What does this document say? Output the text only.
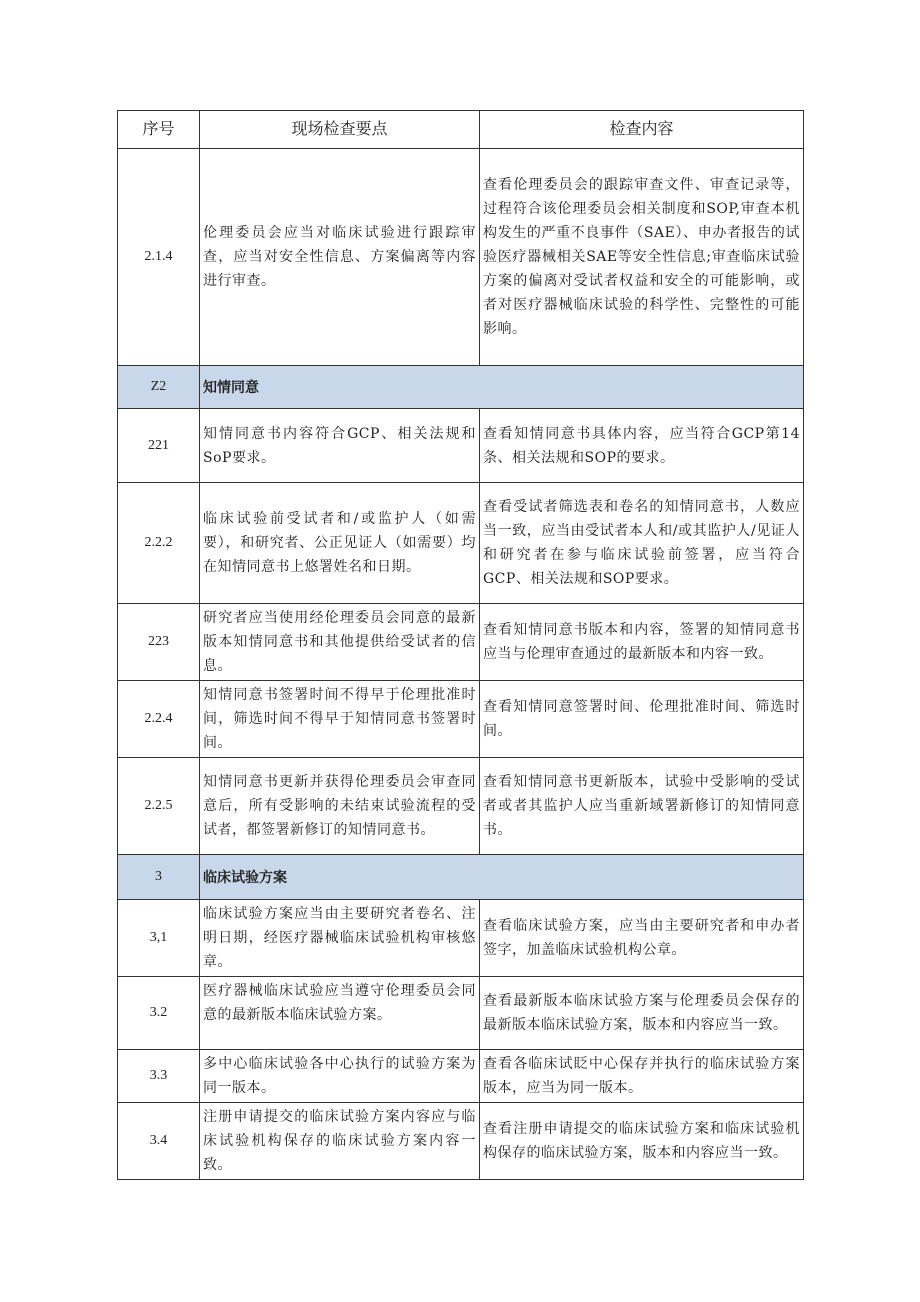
序号	现场检查要点	检查内容
2.1.4	伦理委员会应当对临床试验进行跟踪审查，应当对安全性信息、方案偏离等内容进行审查。	查看伦理委员会的跟踪审查文件、审查记录等，过程符合该伦理委员会相关制度和SOP,审查本机构发生的严重不良事件（SAE）、申办者报告的试验医疗器械相关SAE等安全性信息;审查临床试验方案的偏离对受试者权益和安全的可能影响，或者对医疗器械临床试验的科学性、完整性的可能影响。
Z2	知情同意	
221	知情同意书内容符合GCP、相关法规和SoP要求。	查看知情同意书具体内容，应当符合GCP第14条、相关法规和SOP的要求。
2.2.2	临床试验前受试者和/或监护人（如需要），和研究者、公正见证人（如需要）均在知情同意书上悠署姓名和日期。	查看受试者筛选表和卷名的知情同意书，人数应当一致，应当由受试者本人和/或其监护人/见证人和研究者在参与临床试验前签署，应当符合GCP、相关法规和SOP要求。
223	研究者应当使用经伦理委员会同意的最新版本知情同意书和其他提供给受试者的信息。	查看知情同意书版本和内容，签署的知情同意书应当与伦理审查通过的最新版本和内容一致。
2.2.4	知情同意书签署时间不得早于伦理批准时间，筛选时间不得早于知情同意书签署时间。	查看知情同意签署时间、伦理批准时间、筛选时间。
2.2.5	知情同意书更新并获得伦理委员会审查同意后，所有受影响的未结束试验流程的受试者，都签署新修订的知情同意书。	查看知情同意书更新版本，试验中受影响的受试者或者其监护人应当重新域署新修订的知情同意书。
3	临床试验方案	
3,1	临床试验方案应当由主要研究者卷名、注明日期，经医疗器械临床试验机构审核悠章。	查看临床试验方案，应当由主要研究者和申办者签字，加盖临床试验机构公章。
3.2	医疗器械临床试验应当遵守伦理委员会同意的最新版本临床试验方案。	查看最新版本临床试验方案与伦理委员会保存的最新版本临床试验方案，版本和内容应当一致。
3.3	多中心临床试验各中心执行的试验方案为同一版本。	查看各临床试眨中心保存并执行的临床试验方案版本，应当为同一版本。
3.4	注册申请提交的临床试验方案内容应与临床试验机构保存的临床试验方案内容一致。	查看注册申请提交的临床试验方案和临床试验机构保存的临床试验方案，版本和内容应当一致。
